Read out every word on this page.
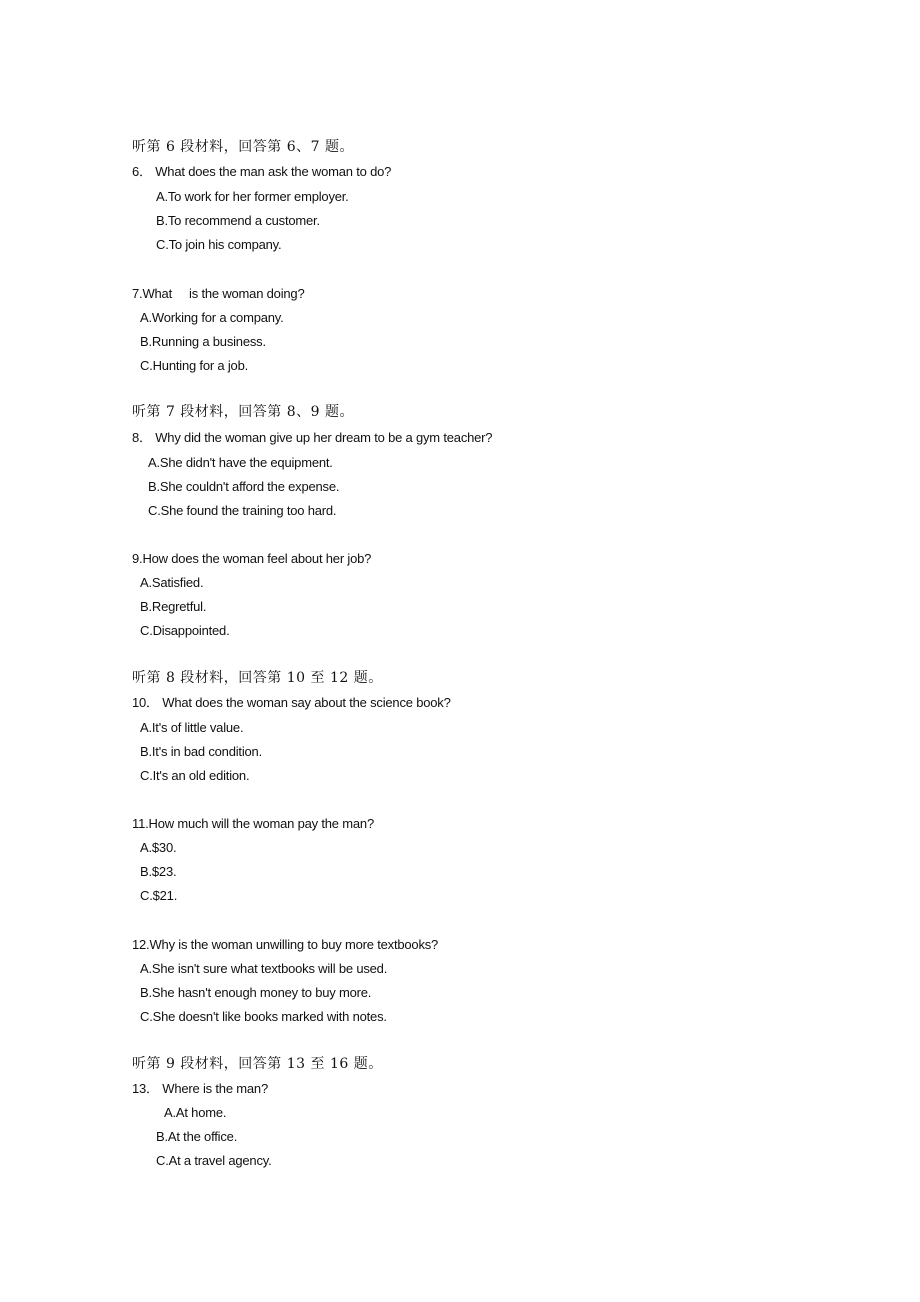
听第 6 段材料，回答第 6、7 题。
6． What does the man ask the woman to do?
A.To work for her former employer.
B.To recommend a customer.
C.To join his company.
7.What     is the woman doing?
A.Working for a company.
B.Running a business.
C.Hunting for a job.
听第 7 段材料，回答第 8、9 题。
8． Why did the woman give up her dream to be a gym teacher?
A.She didn't have the equipment.
B.She couldn't afford the expense.
C.She found the training too hard.
9.How does the woman feel about her job?
A.Satisfied.
B.Regretful.
C.Disappointed.
听第 8 段材料，回答第 10 至 12 题。
10． What does the woman say about the science book?
A.It's of little value.
B.It's in bad condition.
C.It's an old edition.
11.How much will the woman pay the man?
A.$30.
B.$23.
C.$21.
12.Why is the woman unwilling to buy more textbooks?
A.She isn't sure what textbooks will be used.
B.She hasn't enough money to buy more.
C.She doesn't like books marked with notes.
听第 9 段材料，回答第 13 至 16 题。
13． Where is the man?
A.At home.
B.At the office.
C.At a travel agency.
